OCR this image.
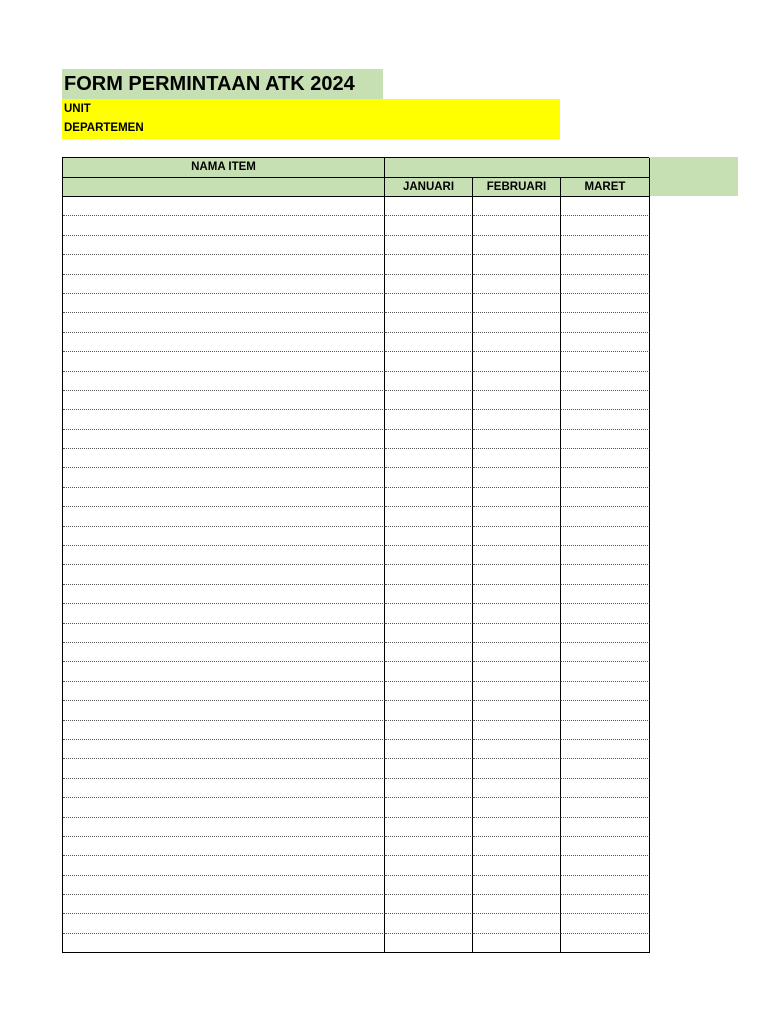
FORM PERMINTAAN ATK 2024
UNIT
DEPARTEMEN
NAMA ITEM
JANUARI	FEBRUARI	MARET
